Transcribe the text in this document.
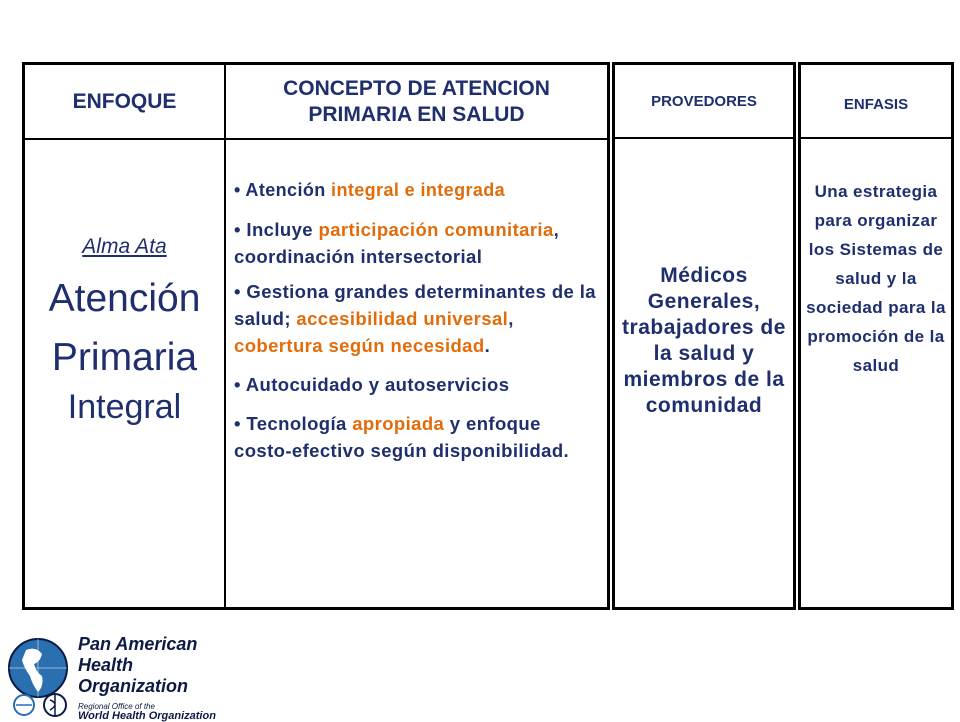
ENFOQUE
CONCEPTO DE ATENCION
PRIMARIA EN SALUD
Alma Ata
Atención
Primaria
Integral
• Atención integral e integrada
• Incluye participación comunitaria, coordinación intersectorial
• Gestiona grandes determinantes de la salud; accesibilidad universal, cobertura según necesidad.
• Autocuidado y autoservicios
• Tecnología apropiada y enfoque costo-efectivo según disponibilidad.
PROVEDORES
Médicos Generales, trabajadores de la salud y miembros de la comunidad
ENFASIS
Una estrategia para organizar los Sistemas de salud y la sociedad para la promoción de la salud
Pan American
Health
Organization
Regional Office of the
World Health Organization
